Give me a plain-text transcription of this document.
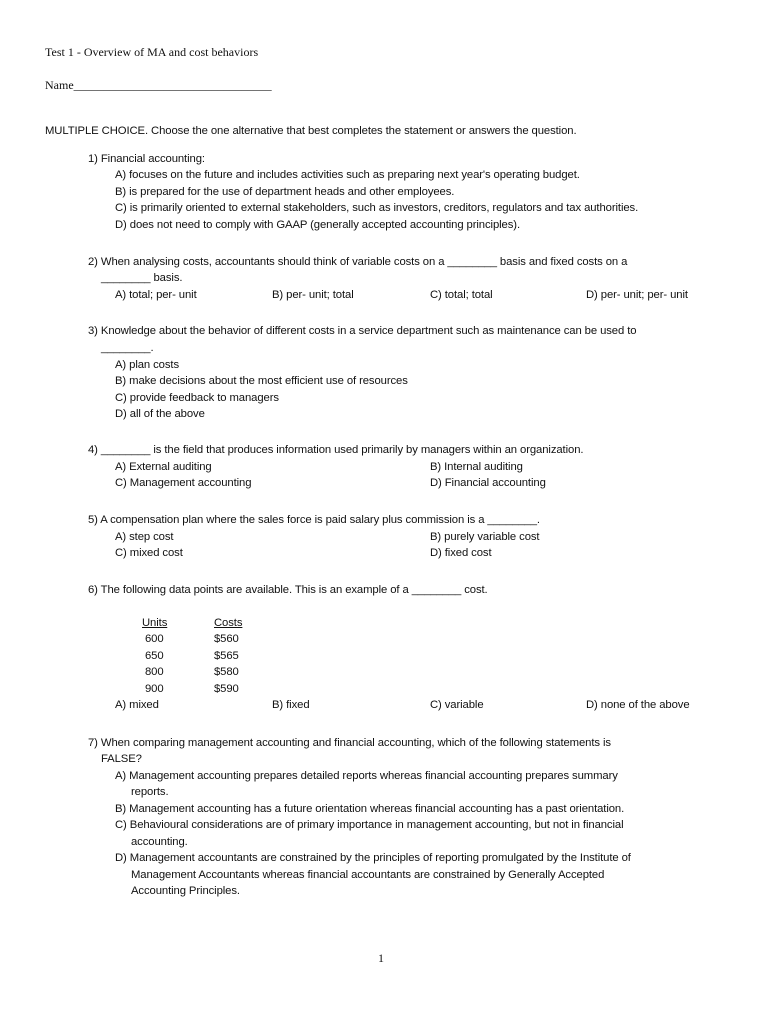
Test 1 - Overview of MA and cost behaviors
Name_________________________________
MULTIPLE CHOICE. Choose the one alternative that best completes the statement or answers the question.
1) Financial accounting:
A) focuses on the future and includes activities such as preparing next year's operating budget.
B) is prepared for the use of department heads and other employees.
C) is primarily oriented to external stakeholders, such as investors, creditors, regulators and tax authorities.
D) does not need to comply with GAAP (generally accepted accounting principles).
2) When analysing costs, accountants should think of variable costs on a ________ basis and fixed costs on a
________ basis.
A) total; per- unit	B) per- unit; total	C) total; total	D) per- unit; per- unit
3) Knowledge about the behavior of different costs in a service department such as maintenance can be used to
________.
A) plan costs
B) make decisions about the most efficient use of resources
C) provide feedback to managers
D) all of the above
4) ________ is the field that produces information used primarily by managers within an organization.
A) External auditing	B) Internal auditing
C) Management accounting	D) Financial accounting
5) A compensation plan where the sales force is paid salary plus commission is a ________.
A) step cost	B) purely variable cost
C) mixed cost	D) fixed cost
6) The following data points are available. This is an example of a ________ cost.
Units	Costs
600	$560
650	$565
800	$580
900	$590
A) mixed	B) fixed	C) variable	D) none of the above
7) When comparing management accounting and financial accounting, which of the following statements is
FALSE?
A) Management accounting prepares detailed reports whereas financial accounting prepares summary
reports.
B) Management accounting has a future orientation whereas financial accounting has a past orientation.
C) Behavioural considerations are of primary importance in management accounting, but not in financial
accounting.
D) Management accountants are constrained by the principles of reporting promulgated by the Institute of
Management Accountants whereas financial accountants are constrained by Generally Accepted
Accounting Principles.
1
